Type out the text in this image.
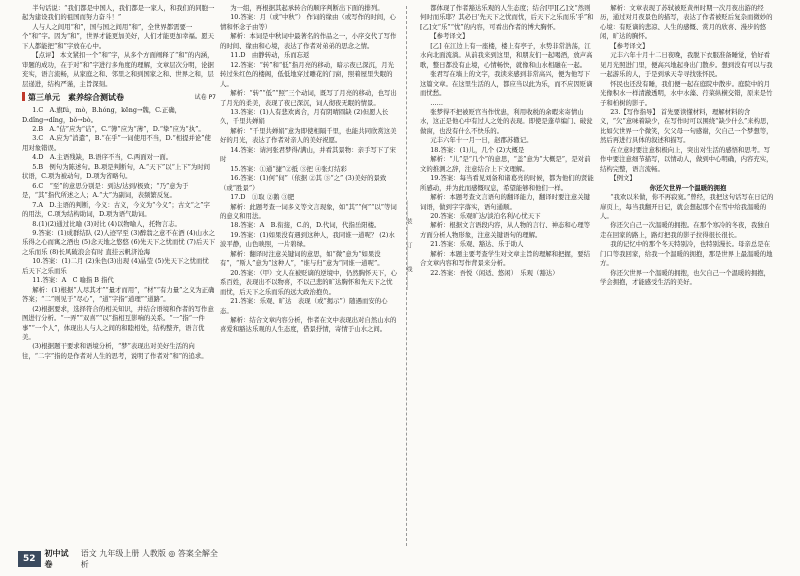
半句话说：“我们都是中国人，我们都是一家人，和我们的同胞一起为建设我们的祖国而努力奋斗！”

人与人之间用“和”，国与国之间用“和”，全世界都需要一个“和”字。因为“和”，世界才能更加美好，人们才能更加幸福。愿天下人都能把“和”字放在心中。

【点评】 本文紧扣一个“和”字，从多个方面阐释了“和”的内涵，审题的成功，在于对“和”字进行多角度的理解，文章层次分明，论据充实，语言流畅，从家庭之和、邻里之和到国家之和、世界之和，层层递进，结构严谨，主旨深刻。

第三单元　素养综合测试卷	试卷 P7

1.C　A.旗fú，mò，B.hóng，kēng→魏，C.正确，D.dǐng→dǐng，bǒ→bò。

2.B　A.“佶”应为“诘”，C.“簿”应为“薄”，D.“挚”应为“执”。

3.C　A.应为“消遣”，B.“在乎”一词使用不当，D.“相提并论”使用对象错误。

4.D　A.主语残缺，B.语序不当，C.两面对一面。

5.B　例句为陈述句。B.项是判断句，A.“天下”以“上下”为时间状语，C.项为被动句，D.项为省略句。

6.C　“至”的意思分别是：到达/达到/极致；“乃”意为于是，“其”指代所述之人；A.“大”为副词，表频繁反复。

7.A　D.主语的判断，今义：古义，今义为“今义”；古文“之”字的用法，C.项为结构助词，D.项为语气助词。

8.(1)(2)通过比喻 (3)对比 (4)以物喻人，托物言志。

9.答案：(1)成群结队 (2)人迹罕至 (3)醉翁之意不在酒 (4)山水之乐得之心而寓之酒也 (5)念天地之悠悠 (6)先天下之忧而忧 (7)后天下之乐而乐 (8)长风破浪会有时 直挂云帆济沧海

10.答案：(1)二月 (2)朱色(3)出现 (4)晶莹 (5)先天下之忧而忧 后天下之乐而乐

11.答案：A　C 喻指 B 指代

解析：(1)根据“人尽其才”“量才而用”，“材”“有力量”之义为正确答案；“二”则见于“尽心”，“道”字指“道理”“道路”。

(2)根据要求，选择符合的相关知识，并结合语境和作者的写作意图进行分析。“一弄”“双喜”“以”指相互影响的关系。“一”指“一件事”“一个人”，体现出人与人之间的和睦相处，结构整齐，语言优美。

(3)根据题干要求和语境分析，“梦”表现出对美好生活的向往，“二字”指的是作者对人生的思考，说明了作者对“和”的追求。

为一组，再根据其起承转合的顺序判断出下面的排列。

10.答案：月（或“中秋”） 作词的缘由（或写作的时间，心情和怀念子由等）

解析：本词是中秋词中最著名的作品之一，小序交代了写作的时间、缘由和心境，表达了作者对弟弟的思念之情。

11.D　由静转动，乐而忘返

12.答案：“转”和“低”指月亮的移动，暗示夜已深沉，月光转过朱红色的楼阁，低低地穿过雕花的门窗，照着屋里失眠的人。

解析：“转”“低”“照”三个动词，既写了月亮的移动，也写出了月光的柔美，表现了夜已深沉，词人彻夜无眠的情景。

13.答案：(1)人有悲欢离合，月有阴晴圆缺 (2)但愿人长久，千里共婵娟

解析：“千里共婵娟”意为即使相隔千里，也能共同欣赏这美好的月光，表达了作者对亲人的美好祝愿。

14.答案：请河张君梦得/满山，并看其景物：亲手写下了宋时

15.答案：①通“捷”②抵 ③把 ④张灯结彩

16.答案：(1)何“伺”（依据 ②其 ③“之” (3)美好的景致（或“胜景”）

17.D　①取 ②鹅 ③肥

解析：此题考查一词多义等文言现象，如“其”“何”“以”等词的意义和用法。

18.答案：A　B.衔接，C.的，D.代词，代指岳阳楼。

19.答案：(1)如果没有遇到这种人，我同谁一道呢？ (2)水波平静，山色映照，一片碧绿。

解析：翻译时注意关键词的意思，如“微”意为“如果没有”，“斯人”意为“这种人”，“谁与归”意为“同谁一道呢”。

20.答案：（甲）文人在被贬谪的逆境中，仍然胸怀天下，心系百姓，表现出不以物喜，不以己悲的旷达胸怀和先天下之忧而忧，后天下之乐而乐的远大政治抱负。

21.答案：乐观、旷达　表现（或“揭示”）随遇而安的心态。

解析：结合文章内容分析，作者在文中表现出对自然山水的喜爱和豁达乐观的人生态度，借景抒情，寄情于山水之间。

………装………订………线………

都体现了作者豁达乐观的人生态度；结合[甲][乙]文“然则何时而乐耶？其必曰‘先天下之忧而忧，后天下之乐而乐’乎”和[乙]文“乐”“忧”的内容，可看出作者的博大胸怀。

【参考译文】

[乙] 在江边上有一座楼，楼上有亭子，水势非常浩荡，江水向北面流淌。从前我来到这里，和朋友们一起喝酒，放声高歌，整日都没有止境，心情畅快，就像和山水相融在一起。

张君写在墙上的文字，我读来感到非常高兴，便为他写下这篇文章。在这里生活的人，都应当以此为乐，而不应因贬谪而忧愁。

……

张梦得不把被贬官当作忧患，利用收税的余暇来寄情山水，这正是他心中有过人之处的表现。即使是蓬草编门、破瓮做窗，也没有什么不快乐的。

元丰六年十一月一日，赵郡苏辙记。

18.答案：(1)儿，几个 (2)大概是

解析：“儿”是“几个”的意思，“盖”意为“大概是”，是对前文的推测之辞，注意结合上下文理解。

19.答案：每当看见刘备和诸葛亮的时候，都为他们的贤能所感动，并为此而感慨叹息，希望能够和他们一样。

解析：本题考查文言语句的翻译能力，翻译时要注意关键词语，做到字字落实，语句通顺。

20.答案：乐观旷达/淡泊名利/心忧天下

解析：根据文言语段内容，从人物的言行、神态和心理等方面分析人物形象，注意关键语句的理解。

21.答案：乐观、豁达、乐于助人

解析：本题主要考查学生对文章主旨的理解和把握，要结合文章内容和写作背景来分析。

22.答案：吾悦（闲适、悠闲）　乐观（豁达）

解析：文章表现了苏轼被贬黄州时期一次月夜出游的经历，通过对月夜景色的描写，表达了作者被贬后复杂而微妙的心境：有贬谪的悲凉、人生的感慨、赏月的欣喜、漫步的悠闲，旷达的胸怀。

【参考译文】

元丰六年十月十二日夜晚，我脱下衣服准备睡觉，恰好看见月光照进门里，便高兴地起身出门散步。想到没有可以与我一起游乐的人，于是到承天寺寻找张怀民。

怀民也还没有睡，我们便一起在庭院中散步。庭院中的月光像积水一样清澈透明，水中水藻、荇菜纵横交错，原来是竹子和柏树的影子。

23.【写作指导】 首先要读懂材料，理解材料的含义，“欠”意味着缺少，在写作时可以围绕“缺少什么”来构思，比如欠世界一个微笑，欠父母一句感谢，欠自己一个梦想等，然后再进行具体的叙述和描写。

在立意时要注意积极向上，突出对生活的感悟和思考。写作中要注意细节描写，以情动人，做到中心明确，内容充实，结构完整，语言流畅。

【例文】

你还欠世界一个温暖的拥抱

“我欢以米做，你不再寂寞。”曾经，我把这句话写在日记的扉页上，每当我翻开日记，就会想起那个在雪中给我温暖的人。

你还欠自己一次温暖的拥抱。在那个寒冷的冬夜，我独自走在回家的路上，路灯把我的影子拉得很长很长。

我的记忆中的那个冬天特别冷，也特别漫长。母亲总是在门口等我回家，给我一个温暖的拥抱，那是世界上最温暖的地方。

你还欠世界一个温暖的拥抱，也欠自己一个温暖的拥抱，学会拥抱，才能感受生活的美好。

52
初中试卷
语文 九年级上册 人教版 ◎ 答案全解全析
